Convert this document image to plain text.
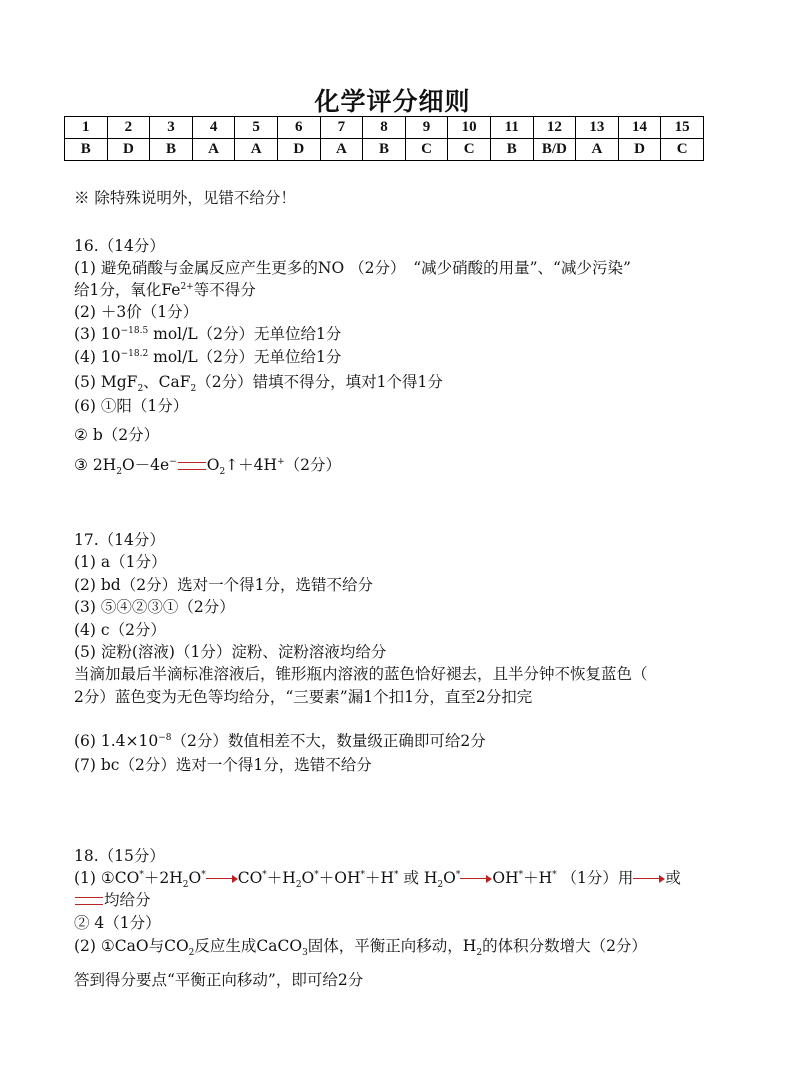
化学评分细则
1	2	3	4	5	6	7	8	9	10	11	12	13	14	15
B	D	B	A	A	D	A	B	C	C	B	B/D	A	D	C
※ 除特殊说明外，见错不给分！
16.（14分）
(1) 避免硝酸与金属反应产生更多的NO （2分）　“减少硝酸的用量”、“减少污染”
给1分，氧化$Fe^{2+}$等不得分
(2) ＋3价（1分）
(3) $10^{-18.5}$ mol/L（2分）无单位给1分
(4) $10^{-18.2}$ mol/L（2分）无单位给1分
(5) MgF$_2$、CaF$_2$（2分）错填不得分，填对1个得1分
(6) ①阳（1分）
② b（2分）
③ $2H_2O-4e^-$ $O_2↑+4H^+(2$分）
17.（14分）
(1) a（1分）
(2) bd（2分）选对一个得1分，选错不给分
(3) ⑤④②③①（2分）
(4) c（2分）
(5) 淀粉(溶液)（1分）淀粉、淀粉溶液均给分
当滴加最后半滴标准溶液后，锥形瓶内溶液的蓝色恰好褪去，且半分钟不恢复蓝色（
2分）蓝色变为无色等均给分，“三要素”漏1个扣1分，直至2分扣完
(6) $1.4\times 10^{-8}(2$分）数值相差不大，数量级正确即可给2分
(7) bc（2分）选对一个得1分，选错不给分
18.（15分）
(1) $①CO^*+2H_2O^*$ $CO^*+H_2O^*+OH^*+H^*$ 或 $H_2O^*$ OH*＋H* （1分）用 或
均给分
② 4（1分）
(2) ①CaO与$CO_2$反应生成CaCO$_3$固体，平衡正向移动，$H_2$的体积分数增大（2分）
答到得分要点“平衡正向移动”，即可给2分
